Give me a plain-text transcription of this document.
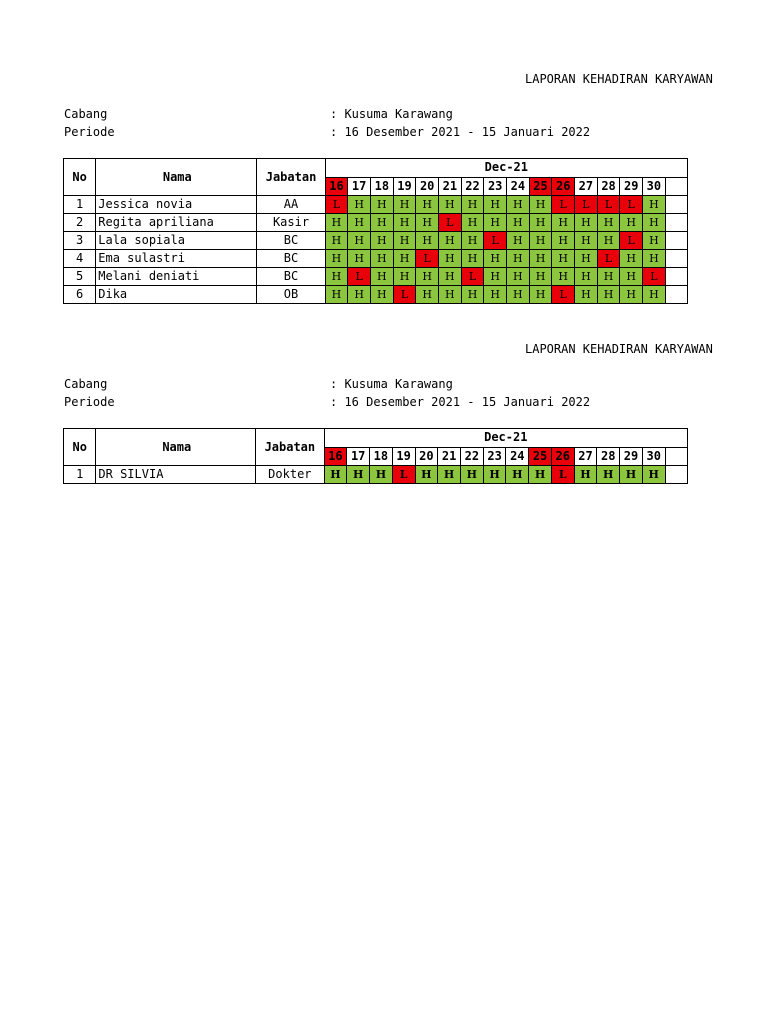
LAPORAN KEHADIRAN KARYAWAN
Cabang	: Kusuma Karawang
Periode	: 16 Desember 2021 - 15 Januari 2022
No	Nama	Jabatan	Dec-21															
			16	17	18	19	20	21	22	23	24	25	26	27	28	29	30	
1	Jessica novia	AA	L	H	H	H	H	H	H	H	H	H	L	L	L	L	H	
2	Regita apriliana	Kasir	H	H	H	H	H	L	H	H	H	H	H	H	H	H	H	
3	Lala sopiala	BC	H	H	H	H	H	H	H	L	H	H	H	H	H	L	H	
4	Ema sulastri	BC	H	H	H	H	L	H	H	H	H	H	H	H	L	H	H	
5	Melani deniati	BC	H	L	H	H	H	H	L	H	H	H	H	H	H	H	L	
6	Dika	OB	H	H	H	L	H	H	H	H	H	H	L	H	H	H	H	
LAPORAN KEHADIRAN KARYAWAN
Cabang	: Kusuma Karawang
Periode	: 16 Desember 2021 - 15 Januari 2022
No	Nama	Jabatan	Dec-21															
			16	17	18	19	20	21	22	23	24	25	26	27	28	29	30	
1	DR SILVIA	Dokter	H	H	H	L	H	H	H	H	H	H	L	H	H	H	H	
